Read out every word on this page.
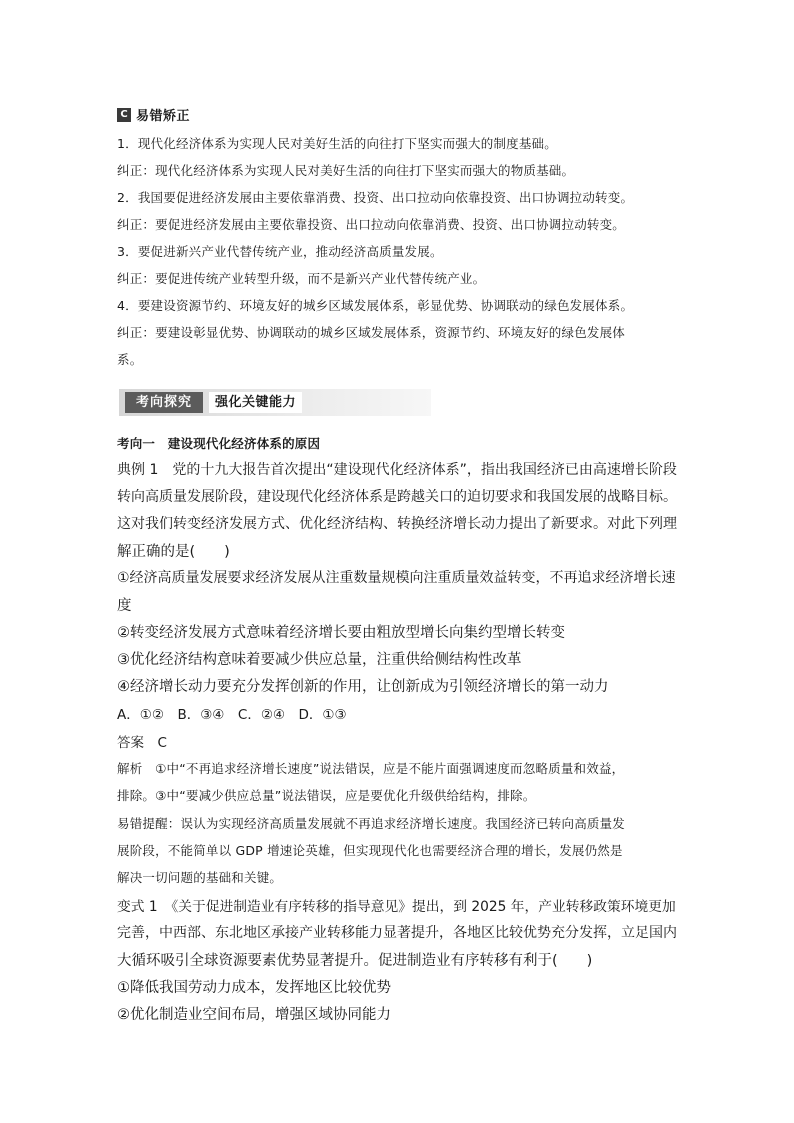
C 易错矫正
1．现代化经济体系为实现人民对美好生活的向往打下坚实而强大的制度基础。
纠正：现代化经济体系为实现人民对美好生活的向往打下坚实而强大的物质基础。
2．我国要促进经济发展由主要依靠消费、投资、出口拉动向依靠投资、出口协调拉动转变。
纠正：要促进经济发展由主要依靠投资、出口拉动向依靠消费、投资、出口协调拉动转变。
3．要促进新兴产业代替传统产业，推动经济高质量发展。
纠正：要促进传统产业转型升级，而不是新兴产业代替传统产业。
4．要建设资源节约、环境友好的城乡区域发展体系，彰显优势、协调联动的绿色发展体系。
纠正：要建设彰显优势、协调联动的城乡区域发展体系，资源节约、环境友好的绿色发展体
系。
考向探究	强化关键能力
考向一　建设现代化经济体系的原因
典例 1　党的十九大报告首次提出“建设现代化经济体系”，指出我国经济已由高速增长阶段
转向高质量发展阶段，建设现代化经济体系是跨越关口的迫切要求和我国发展的战略目标。
这对我们转变经济发展方式、优化经济结构、转换经济增长动力提出了新要求。对此下列理
解正确的是(　　)
①经济高质量发展要求经济发展从注重数量规模向注重质量效益转变，不再追求经济增长速
度
②转变经济发展方式意味着经济增长要由粗放型增长向集约型增长转变
③优化经济结构意味着要减少供应总量，注重供给侧结构性改革
④经济增长动力要充分发挥创新的作用，让创新成为引领经济增长的第一动力
A．①②　B．③④　C．②④　D．①③
答案　C
解析　①中“不再追求经济增长速度”说法错误，应是不能片面强调速度而忽略质量和效益，
排除。③中“要减少供应总量”说法错误，应是要优化升级供给结构，排除。
易错提醒：误认为实现经济高质量发展就不再追求经济增长速度。我国经济已转向高质量发
展阶段，不能简单以 GDP 增速论英雄，但实现现代化也需要经济合理的增长，发展仍然是
解决一切问题的基础和关键。
变式 1　《关于促进制造业有序转移的指导意见》提出，到 2025 年，产业转移政策环境更加
完善，中西部、东北地区承接产业转移能力显著提升，各地区比较优势充分发挥，立足国内
大循环吸引全球资源要素优势显著提升。促进制造业有序转移有利于(　　)
①降低我国劳动力成本，发挥地区比较优势
②优化制造业空间布局，增强区域协同能力
